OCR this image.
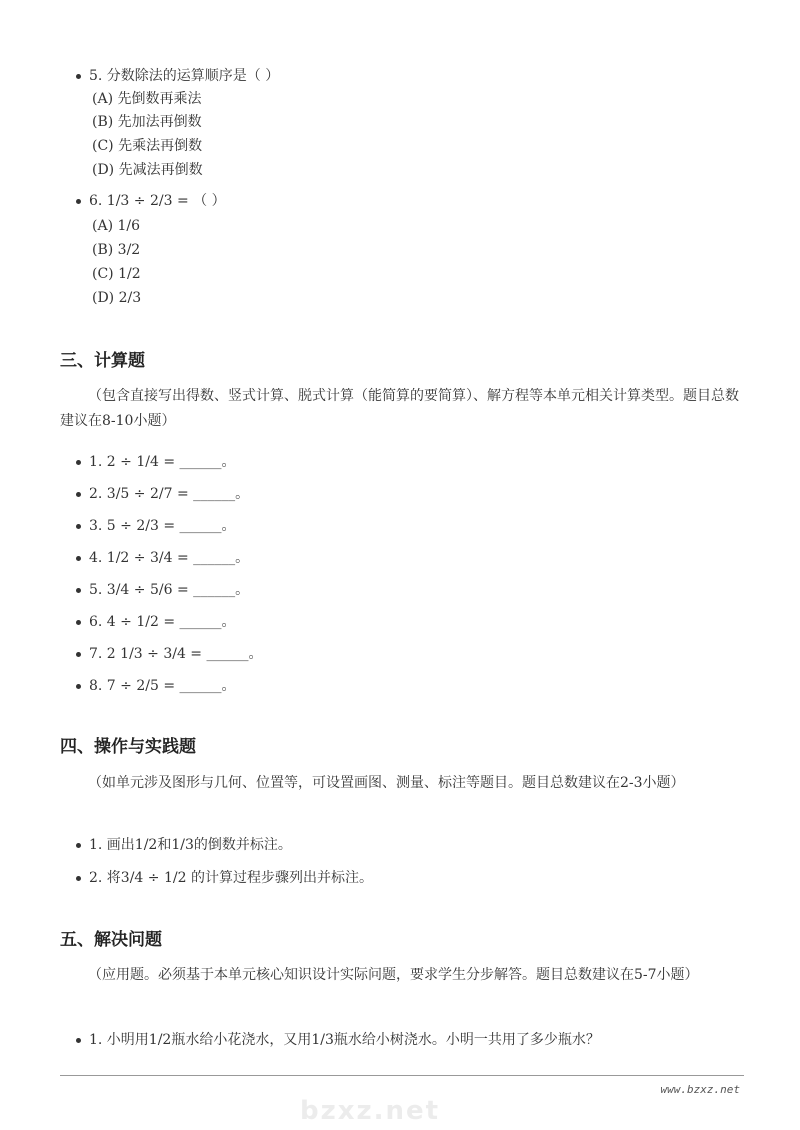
5. 分数除法的运算顺序是（ ）
(A) 先倒数再乘法
(B) 先加法再倒数
(C) 先乘法再倒数
(D) 先减法再倒数
6. 1/3 ÷ 2/3 = （ ）
(A) 1/6
(B) 3/2
(C) 1/2
(D) 2/3
三、计算题
（包含直接写出得数、竖式计算、脱式计算（能简算的要简算）、解方程等本单元相关计算类型。题目总数建议在8-10小题）
1. 2 ÷ 1/4 = ______。
2. 3/5 ÷ 2/7 = ______。
3. 5 ÷ 2/3 = ______。
4. 1/2 ÷ 3/4 = ______。
5. 3/4 ÷ 5/6 = ______。
6. 4 ÷ 1/2 = ______。
7. 2 1/3 ÷ 3/4 = ______。
8. 7 ÷ 2/5 = ______。
四、操作与实践题
（如单元涉及图形与几何、位置等，可设置画图、测量、标注等题目。题目总数建议在2-3小题）
1. 画出1/2和1/3的倒数并标注。
2. 将3/4 ÷ 1/2 的计算过程步骤列出并标注。
五、解决问题
（应用题。必须基于本单元核心知识设计实际问题，要求学生分步解答。题目总数建议在5-7小题）
1. 小明用1/2瓶水给小花浇水，又用1/3瓶水给小树浇水。小明一共用了多少瓶水？
www.bzxz.net
bzxz.net
